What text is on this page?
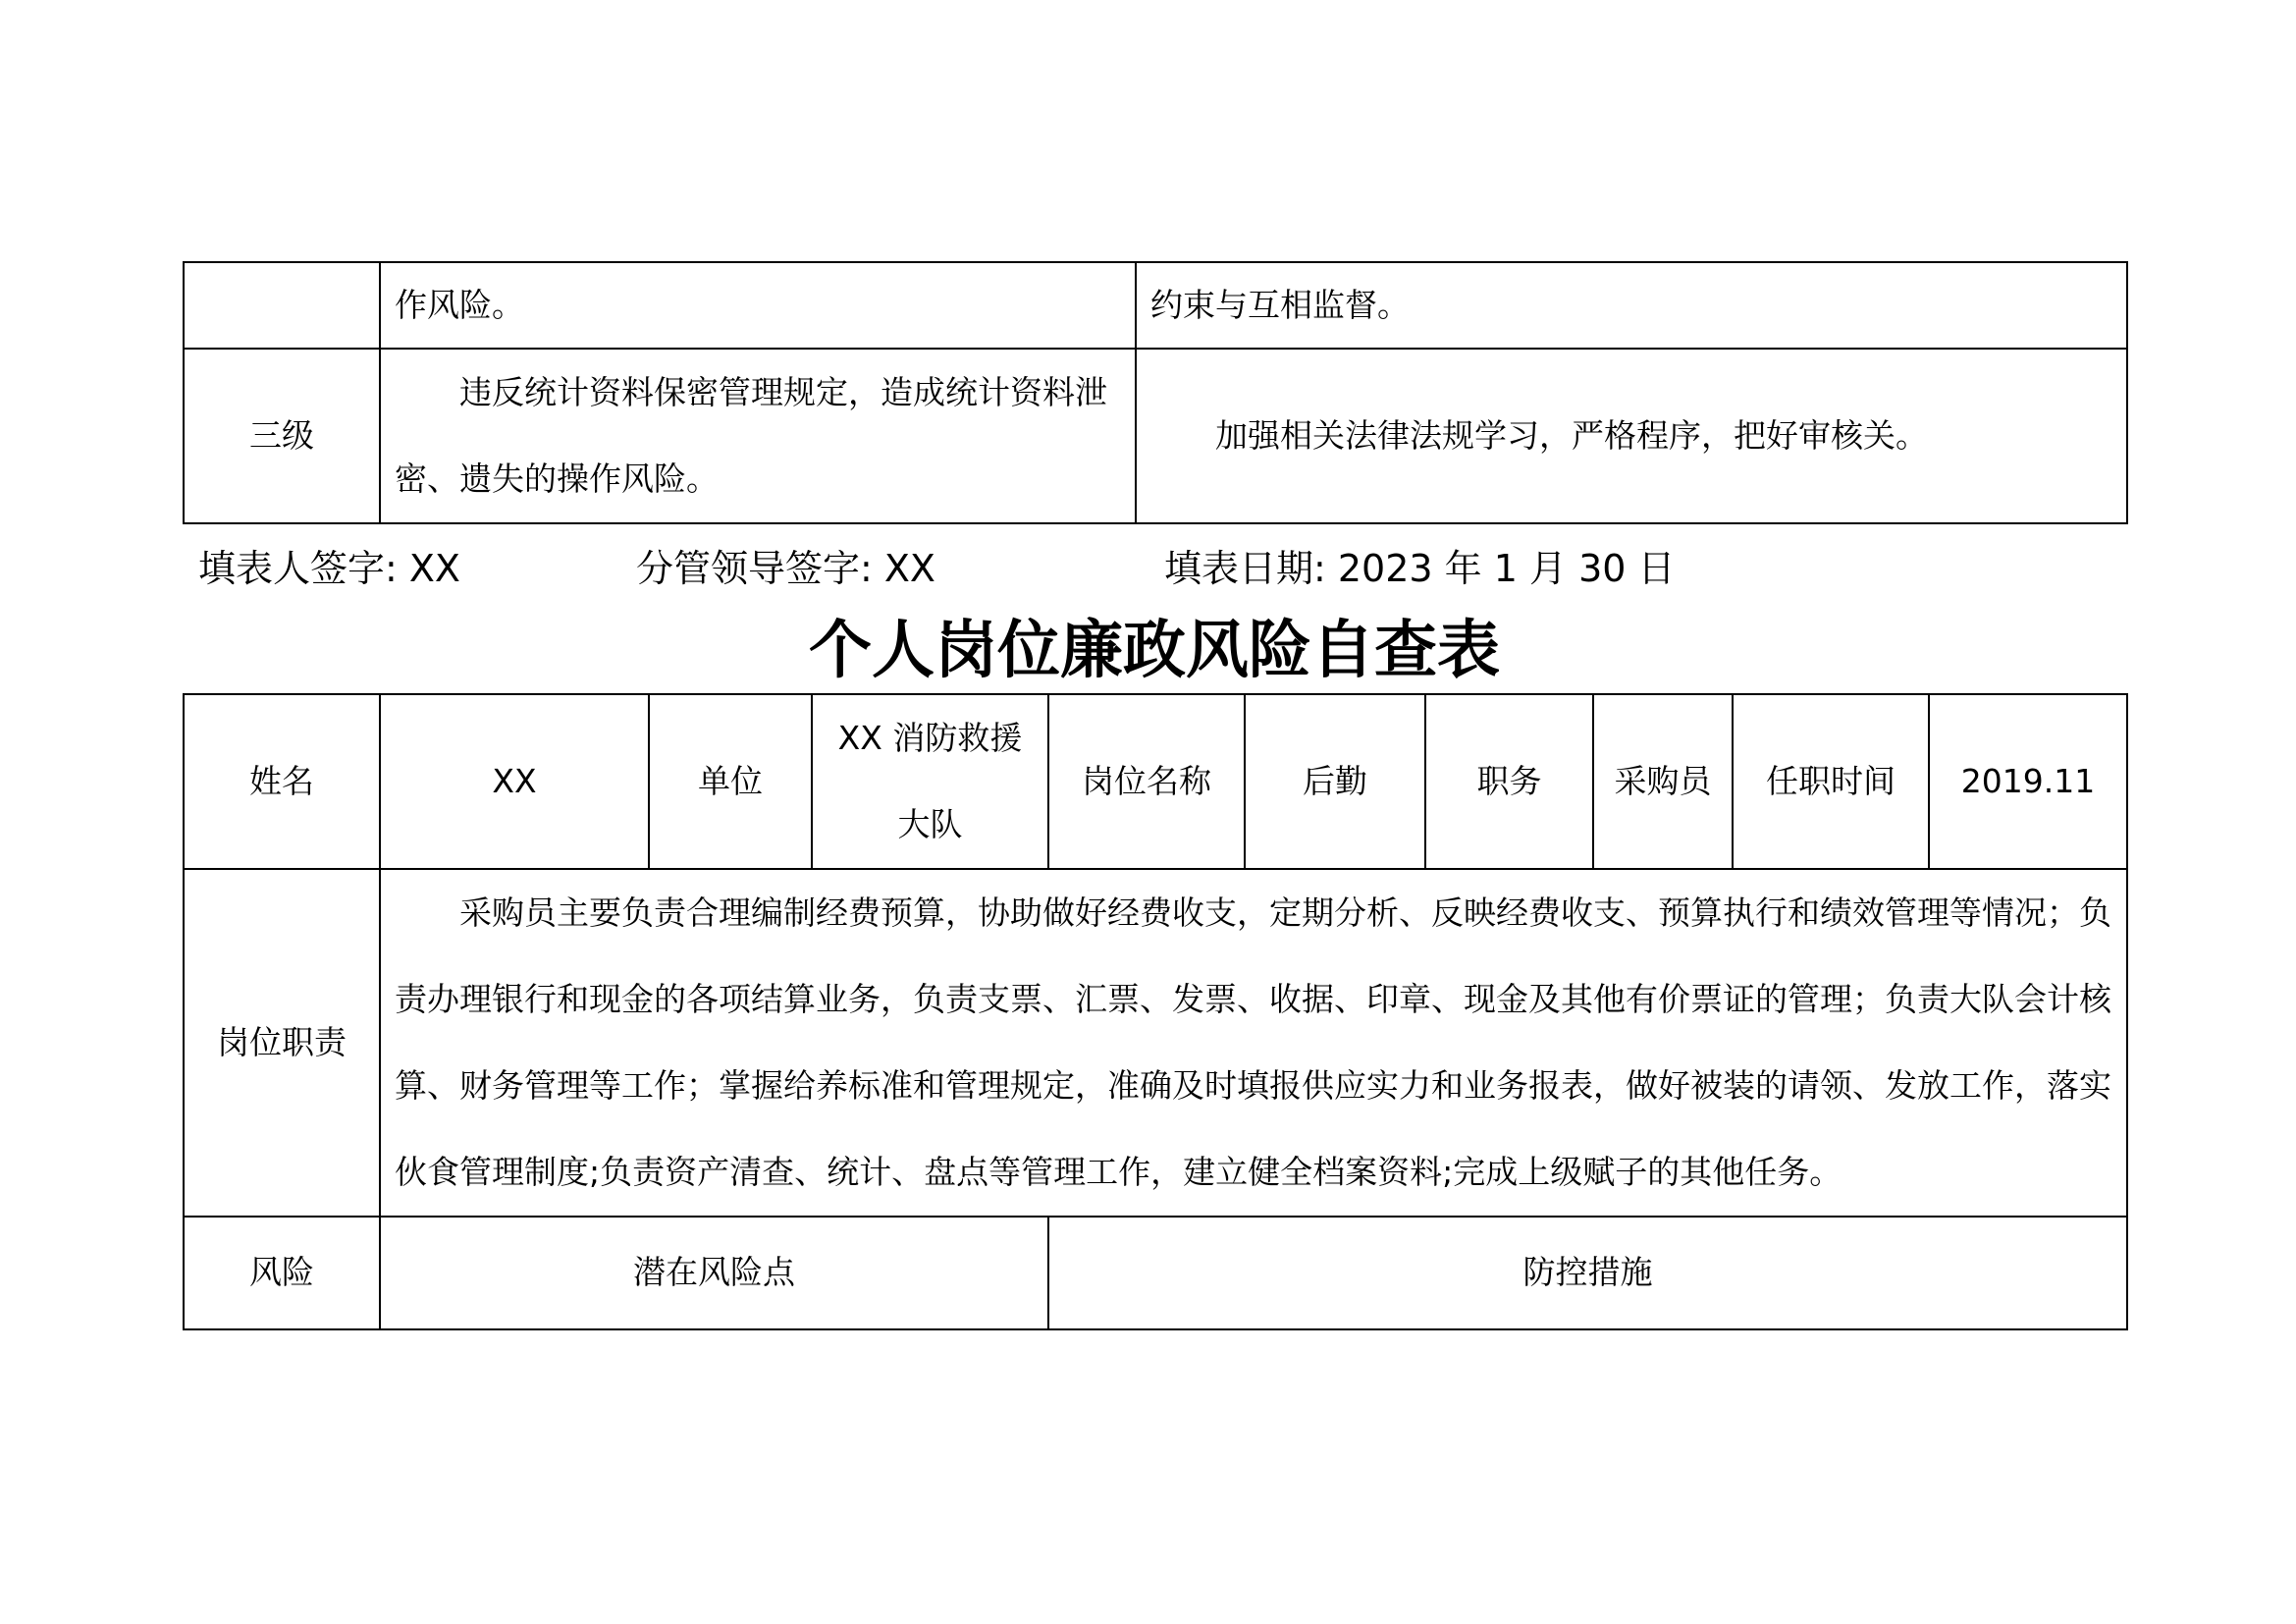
	作风险。	约束与互相监督。
三级	违反统计资料保密管理规定，造成统计资料泄密、遗失的操作风险。	加强相关法律法规学习，严格程序，把好审核关。
填表人签字: XX	分管领导签字: XX	填表日期: 2023 年 1 月 30 日
个人岗位廉政风险自查表
姓名	XX	单位	XX 消防救援大队	岗位名称	后勤	职务	采购员	任职时间	2019.11
岗位职责	采购员主要负责合理编制经费预算，协助做好经费收支，定期分析、反映经费收支、预算执行和绩效管理等情况；负责办理银行和现金的各项结算业务，负责支票、汇票、发票、收据、印章、现金及其他有价票证的管理；负责大队会计核算、财务管理等工作；掌握给养标准和管理规定，准确及时填报供应实力和业务报表，做好被装的请领、发放工作，落实伙食管理制度;负责资产清查、统计、盘点等管理工作，建立健全档案资料;完成上级赋子的其他任务。								
风险	潜在风险点			防控措施					
